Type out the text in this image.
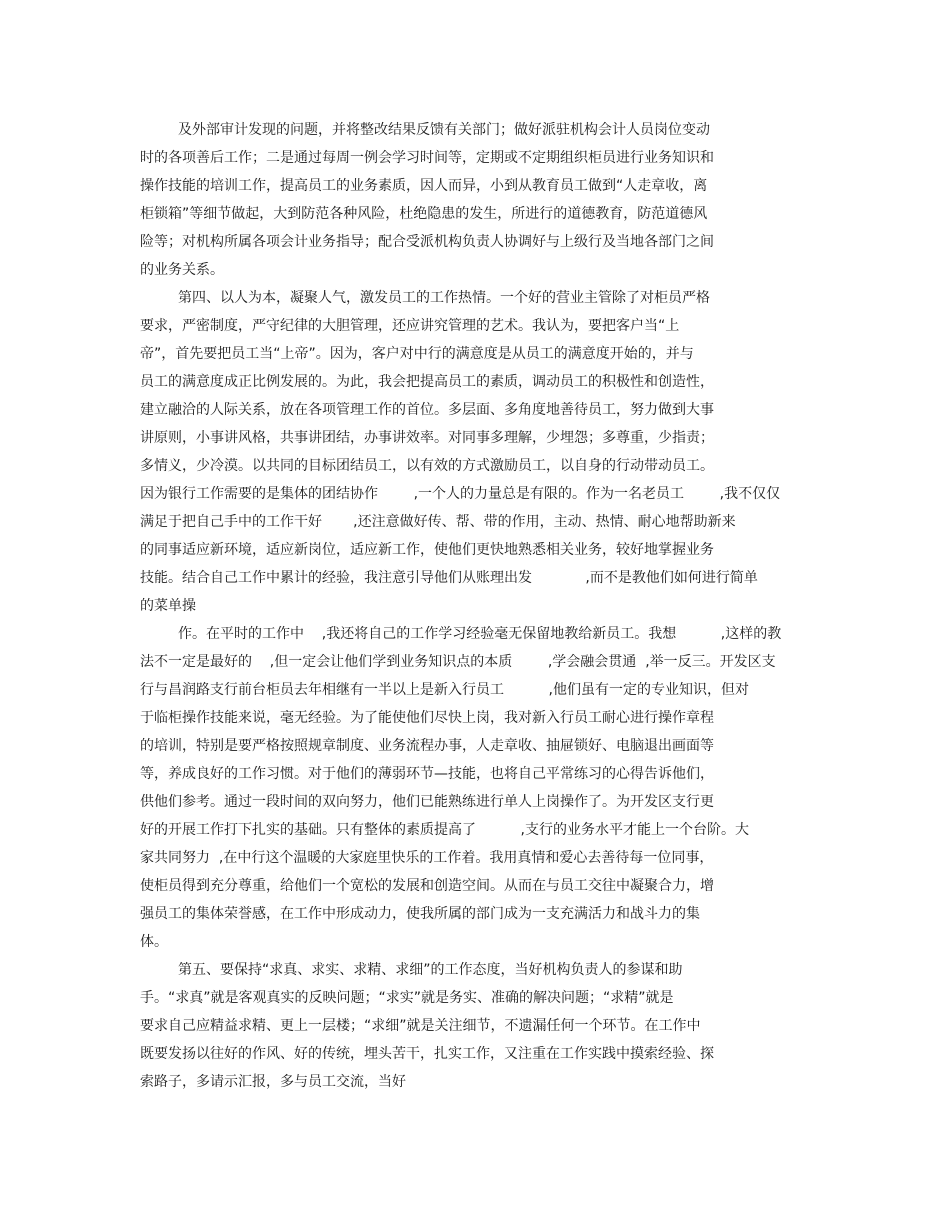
及外部审计发现的问题，并将整改结果反馈有关部门；做好派驻机构会计人员岗位变动
时的各项善后工作；二是通过每周一例会学习时间等，定期或不定期组织柜员进行业务知识和
操作技能的培训工作，提高员工的业务素质，因人而异，小到从教育员工做到“人走章收，离
柜锁箱”等细节做起，大到防范各种风险，杜绝隐患的发生，所进行的道德教育，防范道德风
险等；对机构所属各项会计业务指导；配合受派机构负责人协调好与上级行及当地各部门之间
的业务关系。
第四、以人为本，凝聚人气，激发员工的工作热情。一个好的营业主管除了对柜员严格
要求，严密制度，严守纪律的大胆管理，还应讲究管理的艺术。我认为，要把客户当“上
帝”，首先要把员工当“上帝”。因为，客户对中行的满意度是从员工的满意度开始的，并与
员工的满意度成正比例发展的。为此，我会把提高员工的素质，调动员工的积极性和创造性，
建立融洽的人际关系，放在各项管理工作的首位。多层面、多角度地善待员工，努力做到大事
讲原则，小事讲风格，共事讲团结，办事讲效率。对同事多理解，少埋怨；多尊重，少指责；
多情义，少冷漠。以共同的目标团结员工，以有效的方式激励员工，以自身的行动带动员工。
因为银行工作需要的是集体的团结协作        ,一个人的力量总是有限的。作为一名老员工        ,我不仅仅
满足于把自己手中的工作干好       ,还注意做好传、帮、带的作用，主动、热情、耐心地帮助新来
的同事适应新环境，适应新岗位，适应新工作，使他们更快地熟悉相关业务，较好地掌握业务
技能。结合自己工作中累计的经验，我注意引导他们从账理出发            ,而不是教他们如何进行简单
的菜单操
作。在平时的工作中    ,我还将自己的工作学习经验毫无保留地教给新员工。我想          ,这样的教
法不一定是最好的    ,但一定会让他们学到业务知识点的本质        ,学会融会贯通  ,举一反三。开发区支
行与昌润路支行前台柜员去年相继有一半以上是新入行员工          ,他们虽有一定的专业知识，但对
于临柜操作技能来说，毫无经验。为了能使他们尽快上岗，我对新入行员工耐心进行操作章程
的培训，特别是要严格按照规章制度、业务流程办事，人走章收、抽屉锁好、电脑退出画面等
等，养成良好的工作习惯。对于他们的薄弱环节—技能，也将自己平常练习的心得告诉他们，
供他们参考。通过一段时间的双向努力，他们已能熟练进行单人上岗操作了。为开发区支行更
好的开展工作打下扎实的基础。只有整体的素质提高了          ,支行的业务水平才能上一个台阶。大
家共同努力  ,在中行这个温暖的大家庭里快乐的工作着。我用真情和爱心去善待每一位同事，
使柜员得到充分尊重，给他们一个宽松的发展和创造空间。从而在与员工交往中凝聚合力，增
强员工的集体荣誉感，在工作中形成动力，使我所属的部门成为一支充满活力和战斗力的集
体。
第五、要保持“求真、求实、求精、求细”的工作态度，当好机构负责人的参谋和助
手。“求真”就是客观真实的反映问题；“求实”就是务实、准确的解决问题；“求精”就是
要求自己应精益求精、更上一层楼；“求细”就是关注细节，不遗漏任何一个环节。在工作中
既要发扬以往好的作风、好的传统，埋头苦干，扎实工作，又注重在工作实践中摸索经验、探
索路子，多请示汇报，多与员工交流，当好
